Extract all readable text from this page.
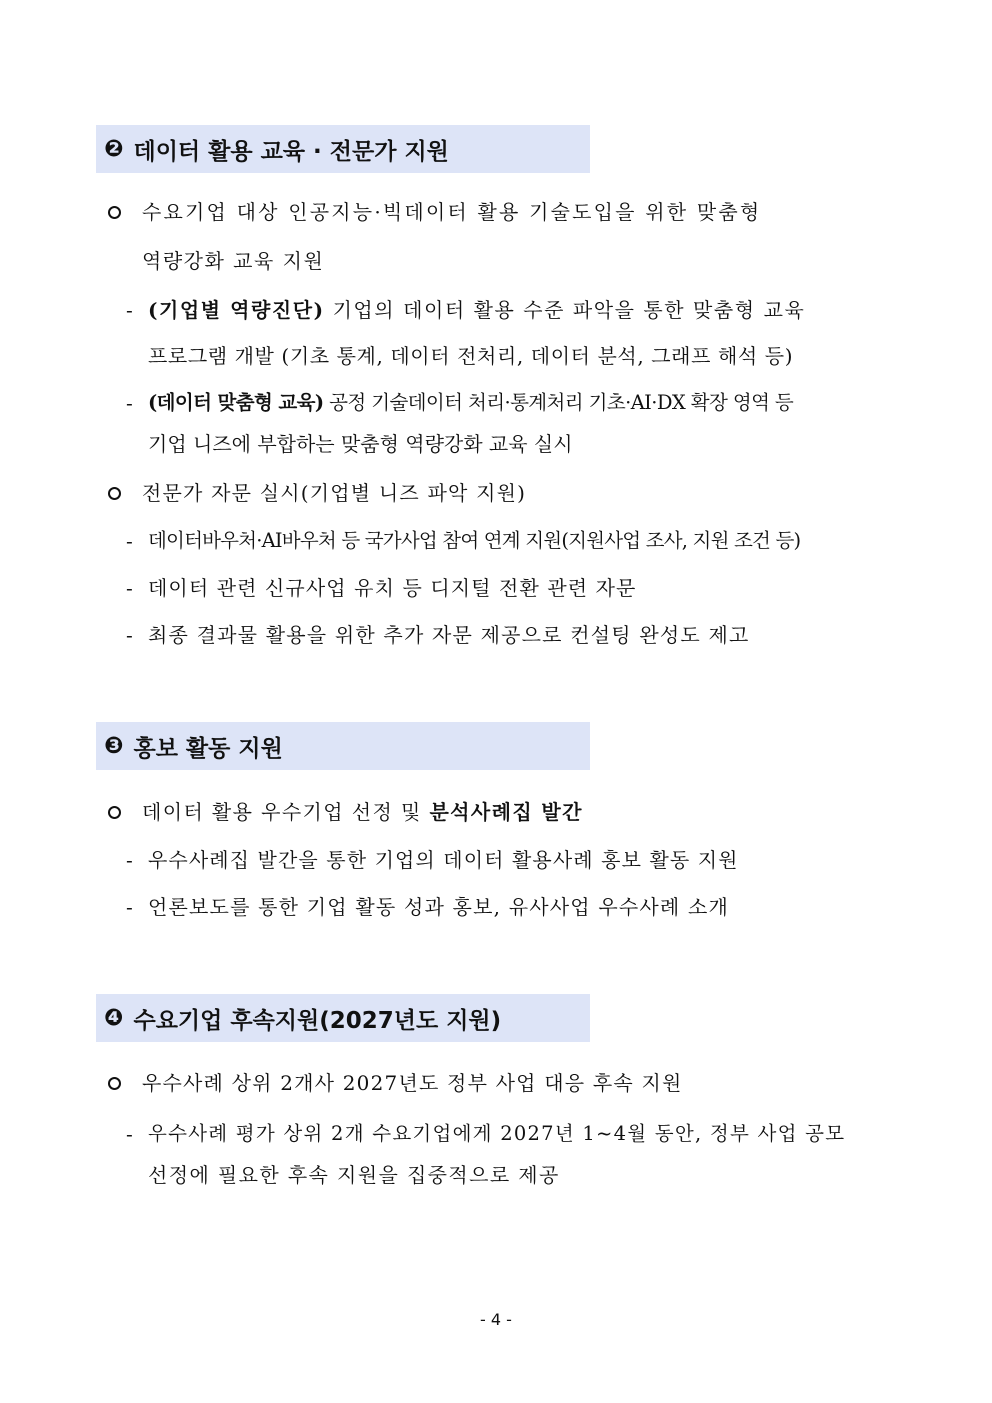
❷ 데이터 활용 교육 · 전문가 지원
수요기업 대상 인공지능·빅데이터 활용 기술도입을 위한 맞춤형
역량강화 교육 지원
- (기업별 역량진단) 기업의 데이터 활용 수준 파악을 통한 맞춤형 교육
프로그램 개발 (기초 통계, 데이터 전처리, 데이터 분석, 그래프 해석 등)
- (데이터 맞춤형 교육) 공정 기술데이터 처리·통계처리 기초·AI·DX 확장 영역 등
기업 니즈에 부합하는 맞춤형 역량강화 교육 실시
전문가 자문 실시(기업별 니즈 파악 지원)
- 데이터바우처·AI바우처 등 국가사업 참여 연계 지원(지원사업 조사, 지원 조건 등)
- 데이터 관련 신규사업 유치 등 디지털 전환 관련 자문
- 최종 결과물 활용을 위한 추가 자문 제공으로 컨설팅 완성도 제고
❸ 홍보 활동 지원
데이터 활용 우수기업 선정 및 분석사례집 발간
- 우수사례집 발간을 통한 기업의 데이터 활용사례 홍보 활동 지원
- 언론보도를 통한 기업 활동 성과 홍보, 유사사업 우수사례 소개
❹ 수요기업 후속지원(2027년도 지원)
우수사례 상위 2개사 2027년도 정부 사업 대응 후속 지원
- 우수사례 평가 상위 2개 수요기업에게 2027년 1~4월 동안, 정부 사업 공모
선정에 필요한 후속 지원을 집중적으로 제공
- 4 -
